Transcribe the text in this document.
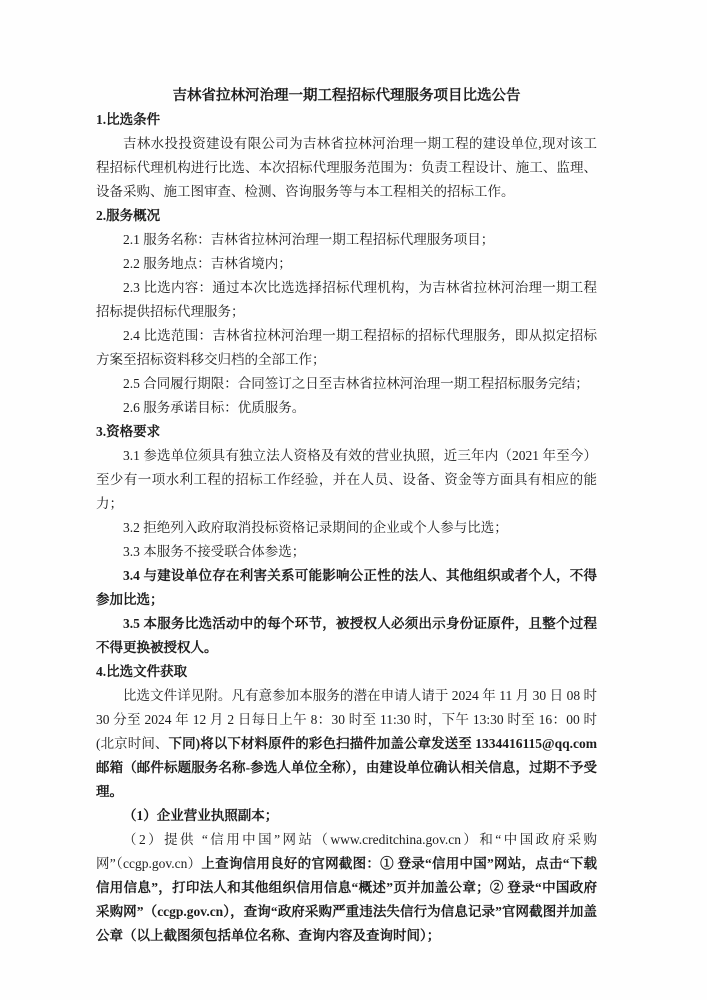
吉林省拉林河治理一期工程招标代理服务项目比选公告
1.比选条件

吉林水投投资建设有限公司为吉林省拉林河治理一期工程的建设单位,现对该工程招标代理机构进行比选、本次招标代理服务范围为：负责工程设计、施工、监理、设备采购、施工图审查、检测、咨询服务等与本工程相关的招标工作。

2.服务概况

2.1 服务名称：吉林省拉林河治理一期工程招标代理服务项目；

2.2 服务地点：吉林省境内；

2.3 比选内容：通过本次比选选择招标代理机构，为吉林省拉林河治理一期工程招标提供招标代理服务；

2.4 比选范围：吉林省拉林河治理一期工程招标的招标代理服务，即从拟定招标方案至招标资料移交归档的全部工作；

2.5 合同履行期限：合同签订之日至吉林省拉林河治理一期工程招标服务完结；

2.6 服务承诺目标：优质服务。

3.资格要求

3.1 参选单位须具有独立法人资格及有效的营业执照，近三年内（2021 年至今）至少有一项水利工程的招标工作经验，并在人员、设备、资金等方面具有相应的能力；

3.2 拒绝列入政府取消投标资格记录期间的企业或个人参与比选；

3.3 本服务不接受联合体参选；

3.4 与建设单位存在利害关系可能影响公正性的法人、其他组织或者个人，不得参加比选；

3.5 本服务比选活动中的每个环节，被授权人必须出示身份证原件，且整个过程不得更换被授权人。

4.比选文件获取

比选文件详见附。凡有意参加本服务的潜在申请人请于 2024 年 11 月 30 日 08 时 30 分至 2024 年 12 月 2 日每日上午 8：30 时至 11:30 时，下午 13:30 时至 16：00 时(北京时间、下同)将以下材料原件的彩色扫描件加盖公章发送至 1334416115@qq.com 邮箱（邮件标题服务名称-参选人单位全称），由建设单位确认相关信息，过期不予受理。

（1）企业营业执照副本；

（2）提供 “信用中国”网站（www.creditchina.gov.cn）和“中国政府采购网”（ccgp.gov.cn）上查询信用良好的官网截图：① 登录“信用中国”网站，点击“下载信用信息”，打印法人和其他组织信用信息“概述”页并加盖公章；② 登录“中国政府采购网”（ccgp.gov.cn），查询“政府采购严重违法失信行为信息记录”官网截图并加盖公章（以上截图须包括单位名称、查询内容及查询时间）；
